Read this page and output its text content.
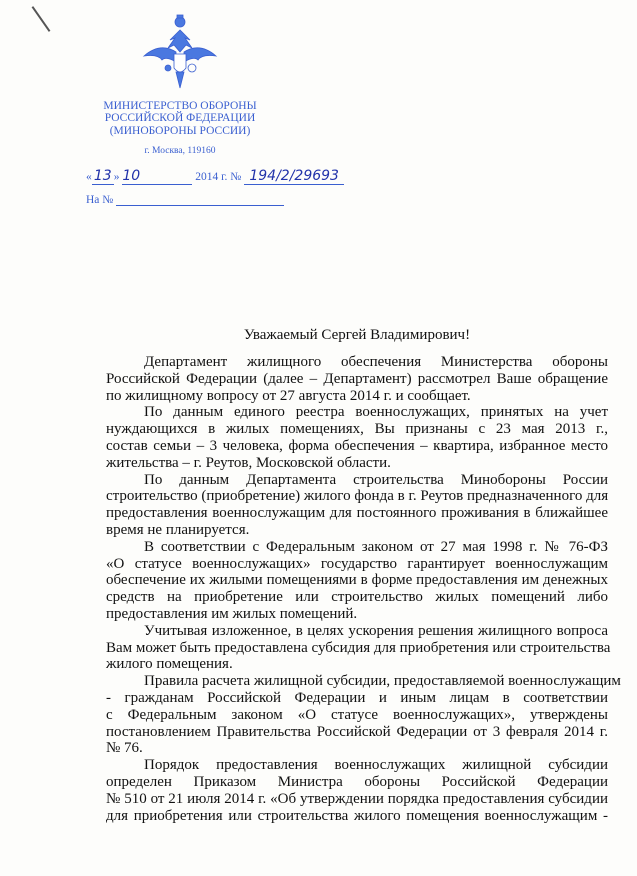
МИНИСТЕРСТВО ОБОРОНЫ
РОССИЙСКОЙ ФЕДЕРАЦИИ
(МИНОБОРОНЫ РОССИИ)
г. Москва, 119160
« 13 » 10	2014 г. № 194/2/29693
На №
Уважаемый Сергей Владимирович!
Департамент жилищного обеспечения Министерства обороны
Российской Федерации (далее – Департамент) рассмотрел Ваше обращение
по жилищному вопросу от 27 августа 2014 г. и сообщает.
По данным единого реестра военнослужащих, принятых на учет
нуждающихся в жилых помещениях, Вы признаны с 23 мая 2013 г.,
состав семьи – 3 человека, форма обеспечения – квартира, избранное место
жительства – г. Реутов, Московской области.
По данным Департамента строительства Минобороны России
строительство (приобретение) жилого фонда в г. Реутов предназначенного для
предоставления военнослужащим для постоянного проживания в ближайшее
время не планируется.
В соответствии с Федеральным законом от 27 мая 1998 г. № 76-ФЗ
«О статусе военнослужащих» государство гарантирует военнослужащим
обеспечение их жилыми помещениями в форме предоставления им денежных
средств на приобретение или строительство жилых помещений либо
предоставления им жилых помещений.
Учитывая изложенное, в целях ускорения решения жилищного вопроса
Вам может быть предоставлена субсидия для приобретения или строительства
жилого помещения.
Правила расчета жилищной субсидии, предоставляемой военнослужащим
- гражданам Российской Федерации и иным лицам в соответствии
с Федеральным законом «О статусе военнослужащих», утверждены
постановлением Правительства Российской Федерации от 3 февраля 2014 г.
№ 76.
Порядок предоставления военнослужащих жилищной субсидии
определен Приказом Министра обороны Российской Федерации
№ 510 от 21 июля 2014 г. «Об утверждении порядка предоставления субсидии
для приобретения или строительства жилого помещения военнослужащим -
